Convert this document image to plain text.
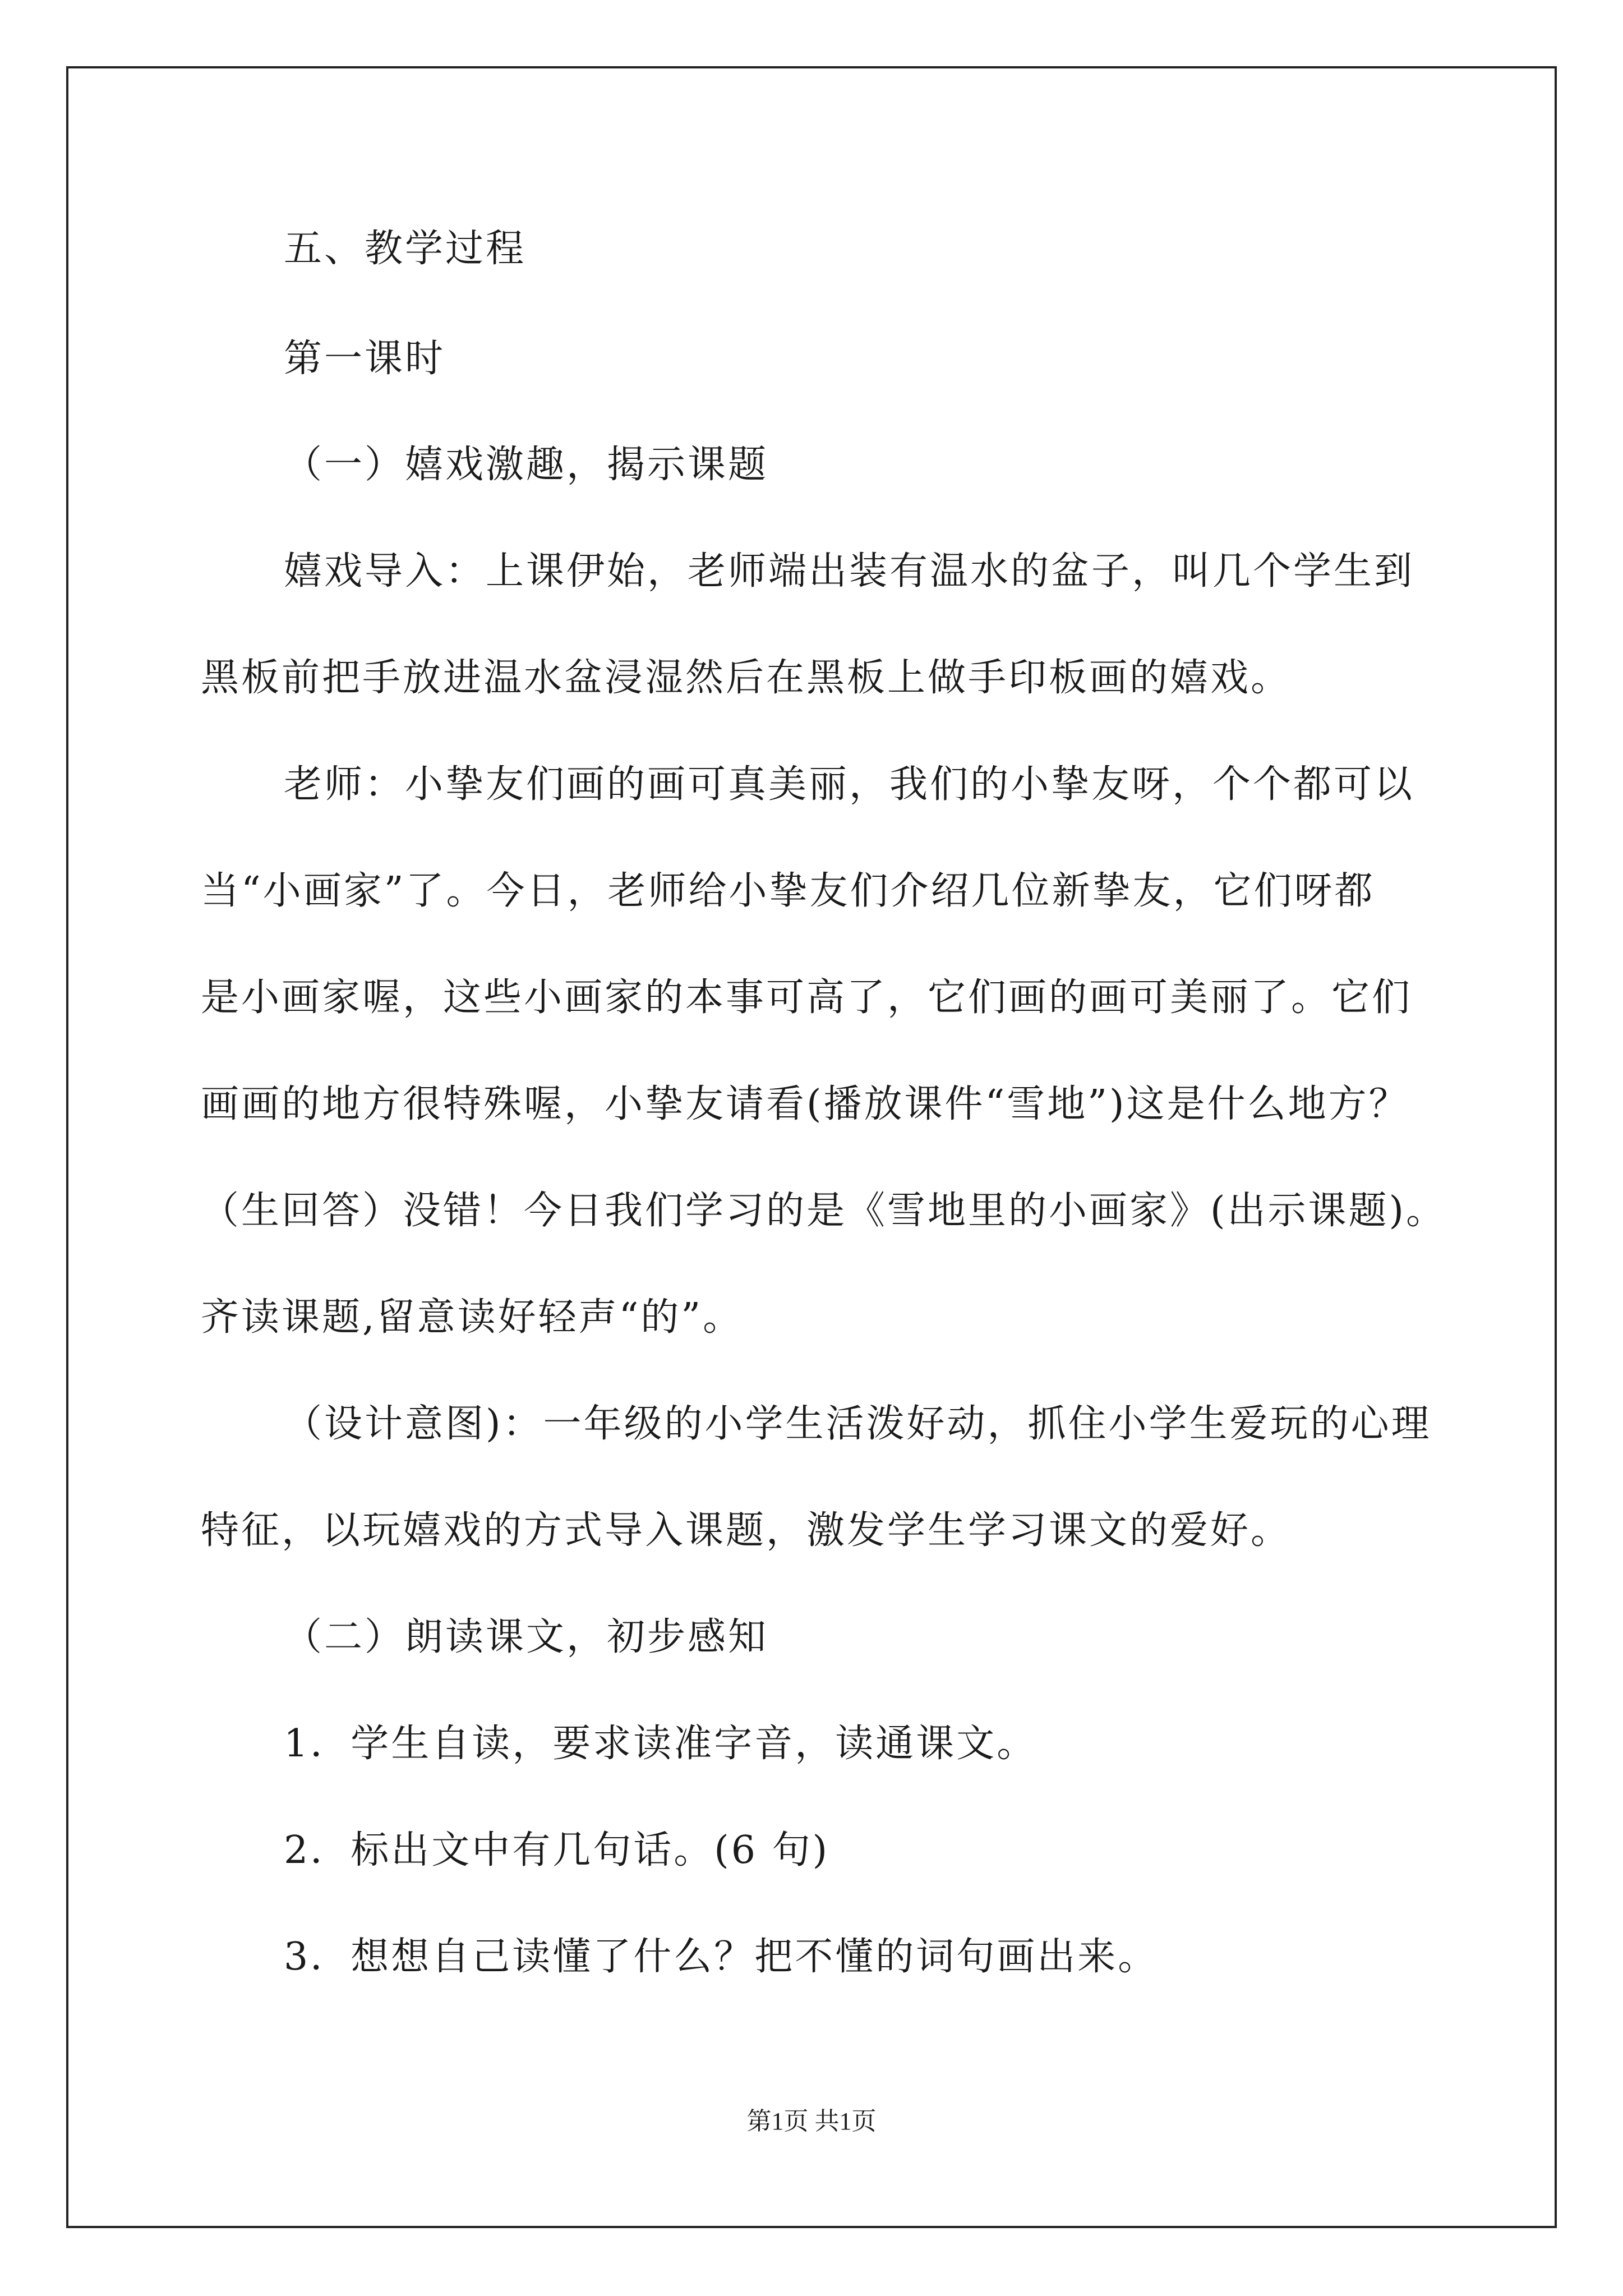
五、教学过程
第一课时
（一）嬉戏激趣，揭示课题
嬉戏导入：上课伊始，老师端出装有温水的盆子，叫几个学生到
黑板前把手放进温水盆浸湿然后在黑板上做手印板画的嬉戏。
老师：小挚友们画的画可真美丽，我们的小挚友呀，个个都可以
当“小画家”了。今日，老师给小挚友们介绍几位新挚友，它们呀都
是小画家喔，这些小画家的本事可高了，它们画的画可美丽了。它们
画画的地方很特殊喔，小挚友请看(播放课件“雪地”)这是什么地方？
（生回答）没错！今日我们学习的是《雪地里的小画家》(出示课题)。
齐读课题,留意读好轻声“的”。
（设计意图)：一年级的小学生活泼好动，抓住小学生爱玩的心理
特征，以玩嬉戏的方式导入课题，激发学生学习课文的爱好。
（二）朗读课文，初步感知
1．学生自读，要求读准字音，读通课文。
2．标出文中有几句话。(6 句)
3．想想自己读懂了什么？把不懂的词句画出来。
第1页 共1页
